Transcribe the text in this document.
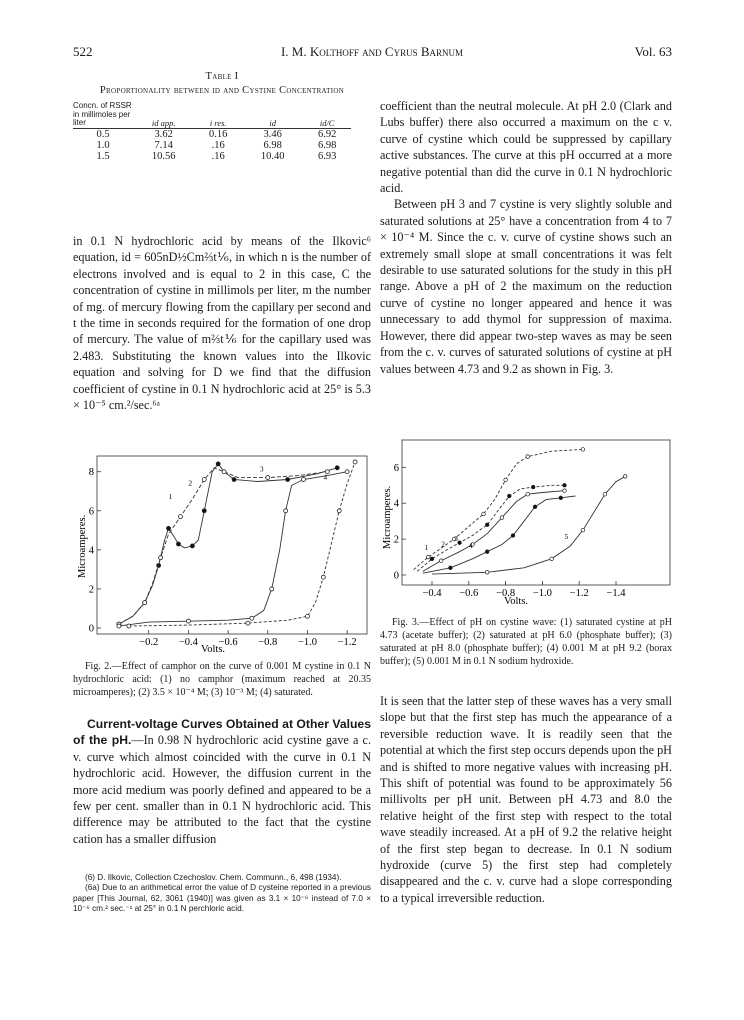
522	I. M. Kolthoff and Cyrus Barnum	Vol. 63
Table I
Proportionality between id and Cystine Concentration
Concn. of RSSR in millimoles per liter	id app.	i res.	id	id/C
0.5	3.62	0.16	3.46	6.92
1.0	7.14	.16	6.98	6.98
1.5	10.56	.16	10.40	6.93

in 0.1 N hydrochloric acid by means of the Ilkovic⁶ equation, id = 605nD½Cm⅔t⅙, in which n is the number of electrons involved and is equal to 2 in this case, C the concentration of cystine in millimols per liter, m the number of mg. of mercury flowing from the capillary per second and t the time in seconds required for the formation of one drop of mercury. The value of m⅔t⅙ for the capillary used was 2.483. Substituting the known values into the Ilkovic equation and solving for D we find that the diffusion coefficient of cystine in 0.1 N hydrochloric acid at 25° is 5.3 × 10⁻⁵ cm.²/sec.⁶ᵃ

−0.2 −0.4 −0.6 −0.8 −1.0 −1.2
0
2
4
6
8
1
2
3
4
Microamperes.
Volts.
Fig. 2.—Effect of camphor on the curve of 0.001 M cystine in 0.1 N hydrochloric acid: (1) no camphor (maximum reached at 20.35 microamperes); (2) 3.5 × 10⁻⁴ M; (3) 10⁻³ M; (4) saturated.

Current-voltage Curves Obtained at Other Values of the pH.—In 0.98 N hydrochloric acid cystine gave a c. v. curve which almost coincided with the curve in 0.1 N hydrochloric acid. However, the diffusion current in the more acid medium was poorly defined and appeared to be a few per cent. smaller than in 0.1 N hydrochloric acid. This difference may be attributed to the fact that the cystine cation has a smaller diffusion

(6) D. Ilkovic, Collection Czechoslov. Chem. Communn., 6, 498 (1934).
(6a) Due to an arithmetical error the value of D cysteine reported in a previous paper [This Journal, 62, 3061 (1940)] was given as 3.1 × 10⁻⁶ instead of 7.0 × 10⁻⁶ cm.² sec.⁻¹ at 25° in 0.1 N perchloric acid.

coefficient than the neutral molecule. At pH 2.0 (Clark and Lubs buffer) there also occurred a maximum on the c v. curve of cystine which could be suppressed by capillary active substances. The curve at this pH occurred at a more negative potential than did the curve in 0.1 N hydrochloric acid.

Between pH 3 and 7 cystine is very slightly soluble and saturated solutions at 25° have a concentration from 4 to 7 × 10⁻⁴ M. Since the c. v. curve of cystine shows such an extremely small slope at small concentrations it was felt desirable to use saturated solutions for the study in this pH range. Above a pH of 2 the maximum on the reduction curve of cystine no longer appeared and hence it was unnecessary to add thymol for suppression of maxima. However, there did appear two-step waves as may be seen from the c. v. curves of saturated solutions of cystine at pH values between 4.73 and 9.2 as shown in Fig. 3.

−0.4 −0.6 −0.8 −1.0 −1.2 −1.4
0
2
4
6
1 2
3
4
5
Microamperes.
Volts.
Fig. 3.—Effect of pH on cystine wave: (1) saturated cystine at pH 4.73 (acetate buffer); (2) saturated at pH 6.0 (phosphate buffer); (3) saturated at pH 8.0 (phosphate buffer); (4) 0.001 M at pH 9.2 (borax buffer); (5) 0.001 M in 0.1 N sodium hydroxide.

It is seen that the latter step of these waves has a very small slope but that the first step has much the appearance of a reversible reduction wave. It is readily seen that the potential at which the first step occurs depends upon the pH and is shifted to more negative values with increasing pH. This shift of potential was found to be approximately 56 millivolts per pH unit. Between pH 4.73 and 8.0 the relative height of the first step with respect to the total wave steadily increased. At a pH of 9.2 the relative height of the first step began to decrease. In 0.1 N sodium hydroxide (curve 5) the first step had completely disappeared and the c. v. curve had a slope corresponding to a typical irreversible reduction.
